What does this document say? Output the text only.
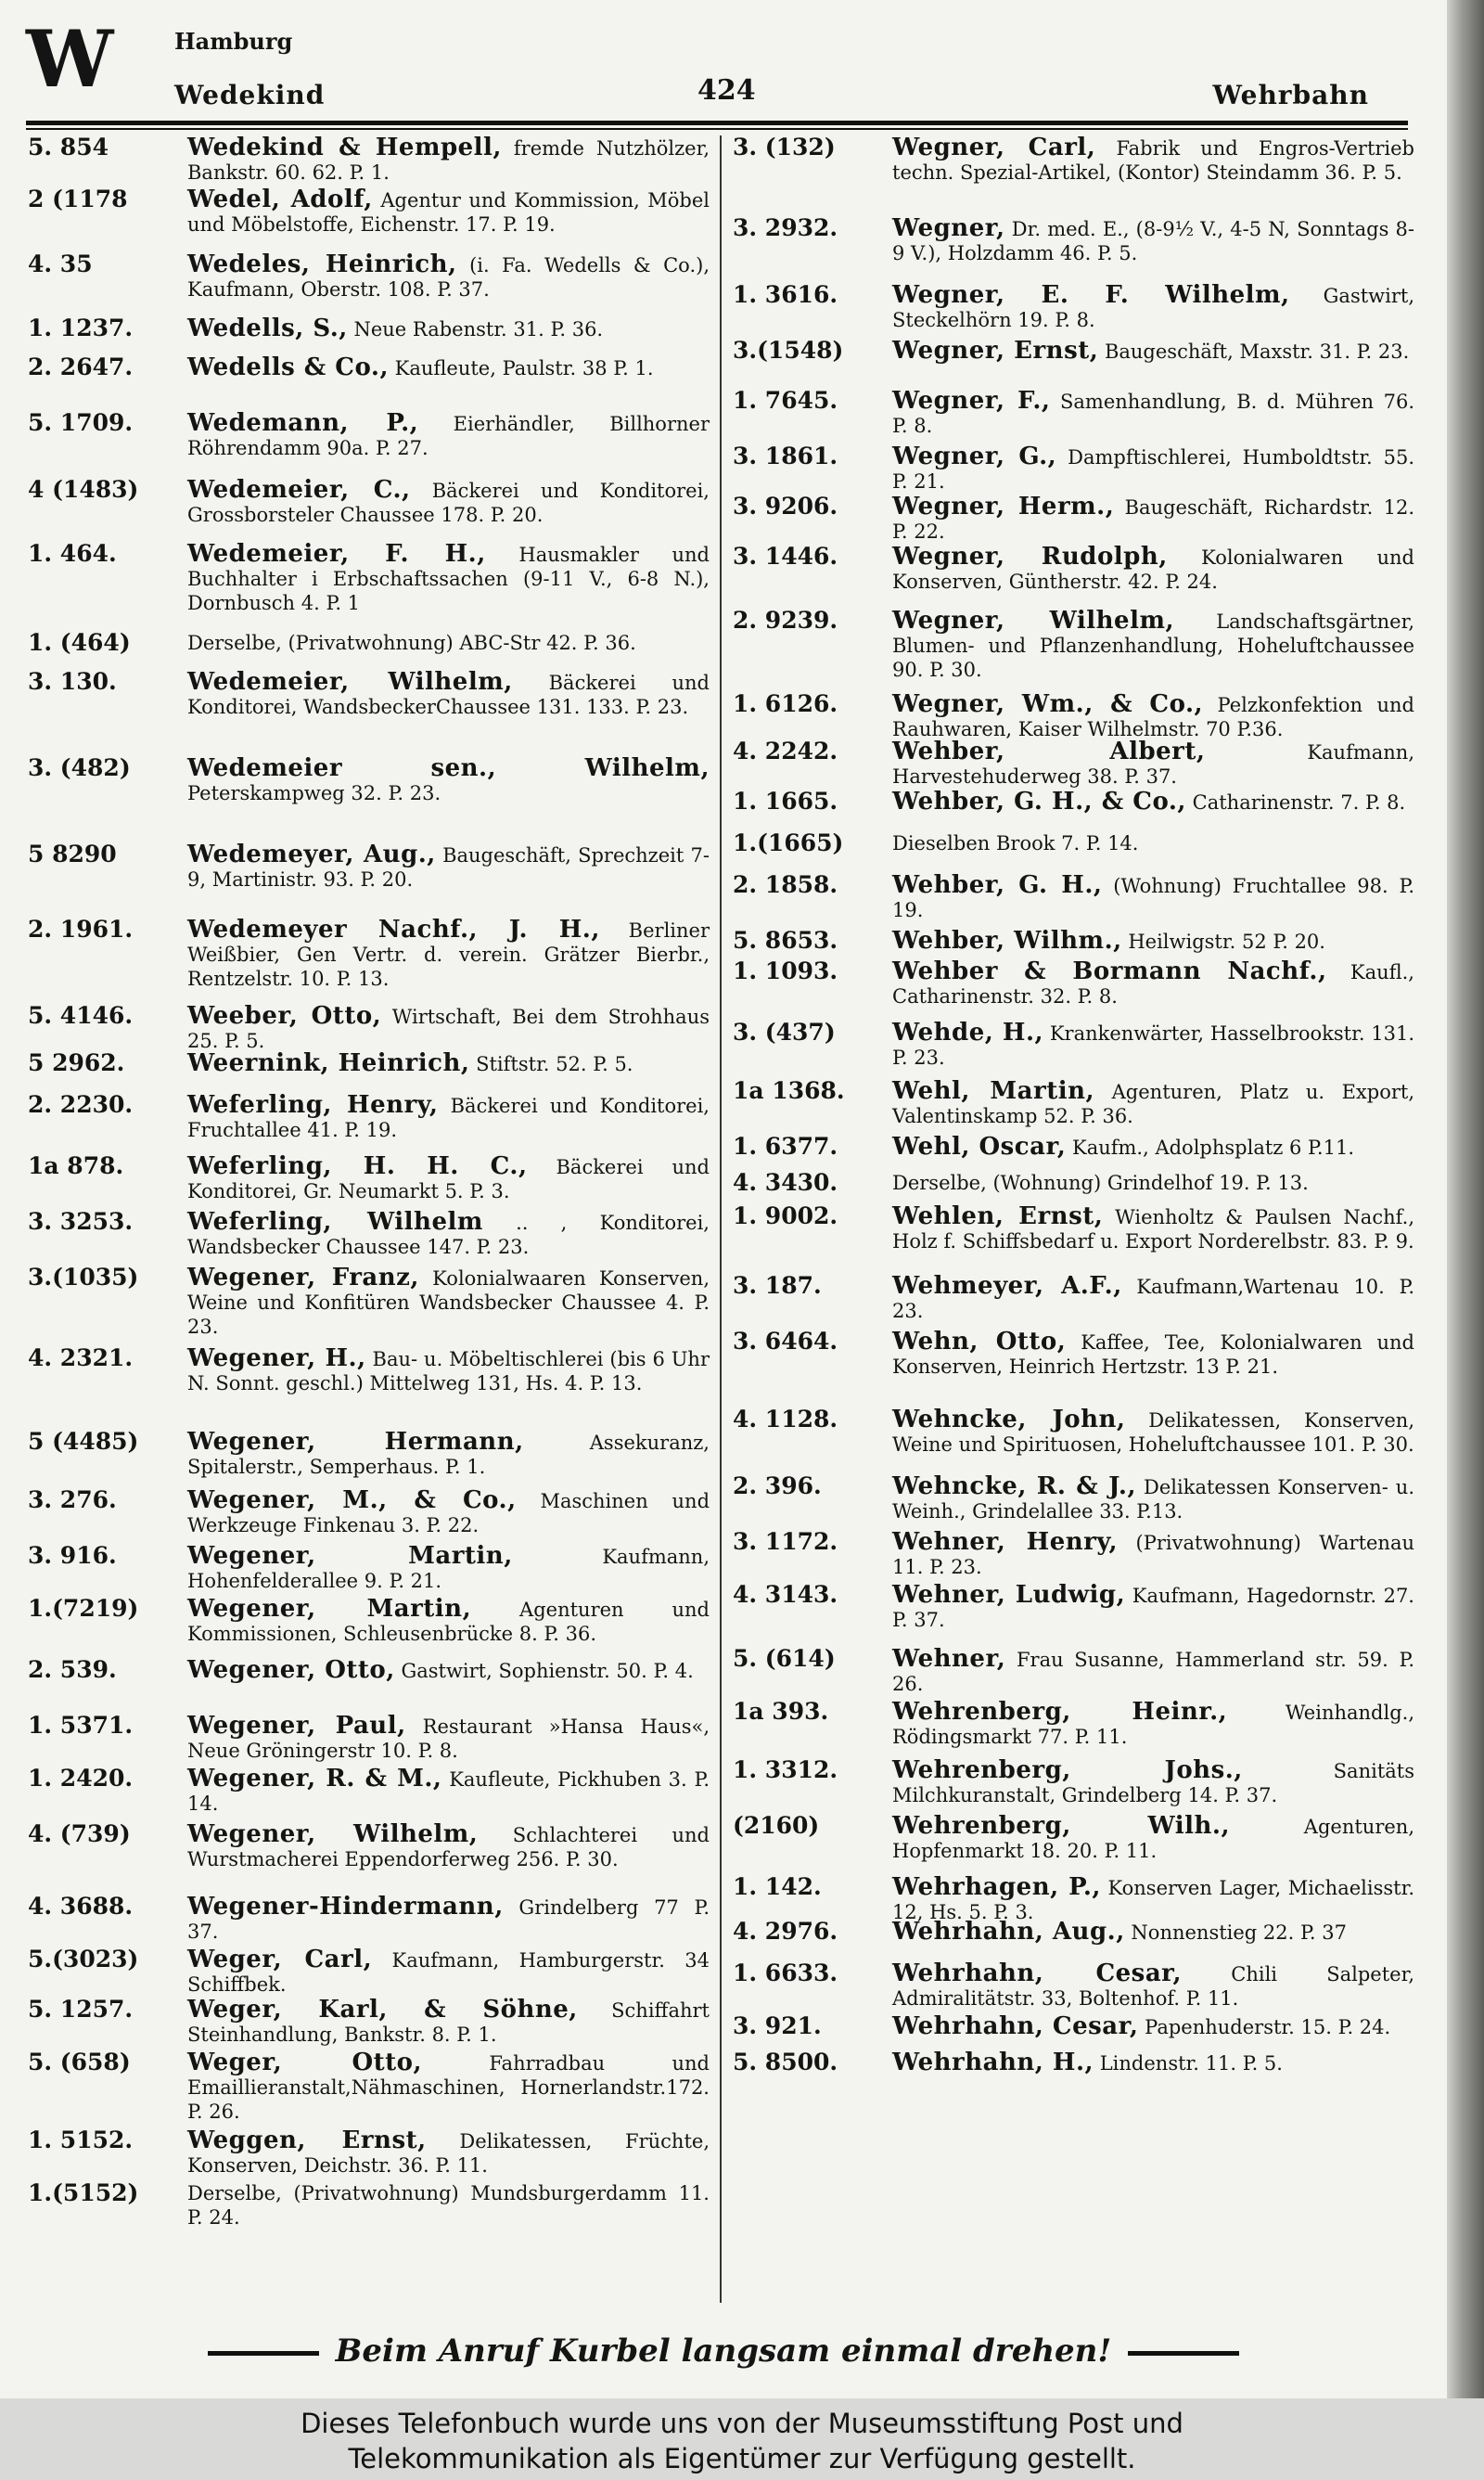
W	Hamburg
Wedekind	424	Wehrbahn
5. 854	Wedekind & Hempell, fremde Nutzhölzer, Bankstr. 60. 62. P. 1.
2 (1178	Wedel, Adolf, Agentur und Kommission, Möbel und Möbelstoffe, Eichenstr. 17. P. 19.
4. 35	Wedeles, Heinrich, (i. Fa. Wedells & Co.), Kaufmann, Oberstr. 108. P. 37.
1. 1237.	Wedells, S., Neue Rabenstr. 31. P. 36.
2. 2647.	Wedells & Co., Kaufleute, Paulstr. 38 P. 1.
5. 1709.	Wedemann, P., Eierhändler, Billhorner Röhrendamm 90a. P. 27.
4 (1483)	Wedemeier, C., Bäckerei und Konditorei, Grossborsteler Chaussee 178. P. 20.
1. 464.	Wedemeier, F. H., Hausmakler und Buchhalter i Erbschaftssachen (9-11 V., 6-8 N.), Dornbusch 4. P. 1
1. (464)	Derselbe, (Privatwohnung) ABC-Str 42. P. 36.
3. 130.	Wedemeier, Wilhelm, Bäckerei und Konditorei, WandsbeckerChaussee 131. 133. P. 23.
3. (482)	Wedemeier sen., Wilhelm, Peterskampweg 32. P. 23.
5 8290	Wedemeyer, Aug., Baugeschäft, Sprechzeit 7-9, Martinistr. 93. P. 20.
2. 1961.	Wedemeyer Nachf., J. H., Berliner Weißbier, Gen Vertr. d. verein. Grätzer Bierbr., Rentzelstr. 10. P. 13.
5. 4146.	Weeber, Otto, Wirtschaft, Bei dem Strohhaus 25. P. 5.
5 2962.	Weernink, Heinrich, Stiftstr. 52. P. 5.
2. 2230.	Weferling, Henry, Bäckerei und Konditorei, Fruchtallee 41. P. 19.
1a 878.	Weferling, H. H. C., Bäckerei und Konditorei, Gr. Neumarkt 5. P. 3.
3. 3253.	Weferling, Wilhelm .. , Konditorei, Wandsbecker Chaussee 147. P. 23.
3.(1035)	Wegener, Franz, Kolonialwaaren Konserven, Weine und Konfitüren Wandsbecker Chaussee 4. P. 23.
4. 2321.	Wegener, H., Bau- u. Möbeltischlerei (bis 6 Uhr N. Sonnt. geschl.) Mittelweg 131, Hs. 4. P. 13.
5 (4485)	Wegener, Hermann, Assekuranz, Spitalerstr., Semperhaus. P. 1.
3. 276.	Wegener, M., & Co., Maschinen und Werkzeuge Finkenau 3. P. 22.
3. 916.	Wegener, Martin, Kaufmann, Hohenfelderallee 9. P. 21.
1.(7219)	Wegener, Martin, Agenturen und Kommissionen, Schleusenbrücke 8. P. 36.
2. 539.	Wegener, Otto, Gastwirt, Sophienstr. 50. P. 4.
1. 5371.	Wegener, Paul, Restaurant »Hansa Haus«, Neue Gröningerstr 10. P. 8.
1. 2420.	Wegener, R. & M., Kaufleute, Pickhuben 3. P. 14.
4. (739)	Wegener, Wilhelm, Schlachterei und Wurstmacherei Eppendorferweg 256. P. 30.
4. 3688.	Wegener-Hindermann, Grindelberg 77 P. 37.
5.(3023)	Weger, Carl, Kaufmann, Hamburgerstr. 34 Schiffbek.
5. 1257.	Weger, Karl, & Söhne, Schiffahrt Steinhandlung, Bankstr. 8. P. 1.
5. (658)	Weger, Otto, Fahrradbau und Emaillieranstalt,Nähmaschinen, Hornerlandstr.172. P. 26.
1. 5152.	Weggen, Ernst, Delikatessen, Früchte, Konserven, Deichstr. 36. P. 11.
1.(5152)	Derselbe, (Privatwohnung) Mundsburgerdamm 11. P. 24.
3. (132)	Wegner, Carl, Fabrik und Engros-Vertrieb techn. Spezial-Artikel, (Kontor) Steindamm 36. P. 5.
3. 2932.	Wegner, Dr. med. E., (8-9½ V., 4-5 N, Sonntags 8-9 V.), Holzdamm 46. P. 5.
1. 3616.	Wegner, E. F. Wilhelm, Gastwirt, Steckelhörn 19. P. 8.
3.(1548)	Wegner, Ernst, Baugeschäft, Maxstr. 31. P. 23.
1. 7645.	Wegner, F., Samenhandlung, B. d. Mühren 76. P. 8.
3. 1861.	Wegner, G., Dampftischlerei, Humboldtstr. 55. P. 21.
3. 9206.	Wegner, Herm., Baugeschäft, Richardstr. 12. P. 22.
3. 1446.	Wegner, Rudolph, Kolonialwaren und Konserven, Güntherstr. 42. P. 24.
2. 9239.	Wegner, Wilhelm, Landschaftsgärtner, Blumen- und Pflanzenhandlung, Hoheluftchaussee 90. P. 30.
1. 6126.	Wegner, Wm., & Co., Pelzkonfektion und Rauhwaren, Kaiser Wilhelmstr. 70 P.36.
4. 2242.	Wehber, Albert, Kaufmann, Harvestehuderweg 38. P. 37.
1. 1665.	Wehber, G. H., & Co., Catharinenstr. 7. P. 8.
1.(1665)	Dieselben Brook 7. P. 14.
2. 1858.	Wehber, G. H., (Wohnung) Fruchtallee 98. P. 19.
5. 8653.	Wehber, Wilhm., Heilwigstr. 52 P. 20.
1. 1093.	Wehber & Bormann Nachf., Kaufl., Catharinenstr. 32. P. 8.
3. (437)	Wehde, H., Krankenwärter, Hasselbrookstr. 131. P. 23.
1a 1368.	Wehl, Martin, Agenturen, Platz u. Export, Valentinskamp 52. P. 36.
1. 6377.	Wehl, Oscar, Kaufm., Adolphsplatz 6 P.11.
4. 3430.	Derselbe, (Wohnung) Grindelhof 19. P. 13.
1. 9002.	Wehlen, Ernst, Wienholtz & Paulsen Nachf., Holz f. Schiffsbedarf u. Export Norderelbstr. 83. P. 9.
3. 187.	Wehmeyer, A.F., Kaufmann,Wartenau 10. P. 23.
3. 6464.	Wehn, Otto, Kaffee, Tee, Kolonialwaren und Konserven, Heinrich Hertzstr. 13 P. 21.
4. 1128.	Wehncke, John, Delikatessen, Konserven, Weine und Spirituosen, Hoheluftchaussee 101. P. 30.
2. 396.	Wehncke, R. & J., Delikatessen Konserven- u. Weinh., Grindelallee 33. P.13.
3. 1172.	Wehner, Henry, (Privatwohnung) Wartenau 11. P. 23.
4. 3143.	Wehner, Ludwig, Kaufmann, Hagedornstr. 27. P. 37.
5. (614)	Wehner, Frau Susanne, Hammerland str. 59. P. 26.
1a 393.	Wehrenberg, Heinr., Weinhandlg., Rödingsmarkt 77. P. 11.
1. 3312.	Wehrenberg, Johs., Sanitäts Milchkuranstalt, Grindelberg 14. P. 37.
(2160)	Wehrenberg, Wilh., Agenturen, Hopfenmarkt 18. 20. P. 11.
1. 142.	Wehrhagen, P., Konserven Lager, Michaelisstr. 12, Hs. 5. P. 3.
4. 2976.	Wehrhahn, Aug., Nonnenstieg 22. P. 37
1. 6633.	Wehrhahn, Cesar, Chili Salpeter, Admiralitätstr. 33, Boltenhof. P. 11.
3. 921.	Wehrhahn, Cesar, Papenhuderstr. 15. P. 24.
5. 8500.	Wehrhahn, H., Lindenstr. 11. P. 5.
Beim Anruf Kurbel langsam einmal drehen!
Dieses Telefonbuch wurde uns von der Museumsstiftung Post und
Telekommunikation als Eigentümer zur Verfügung gestellt.
